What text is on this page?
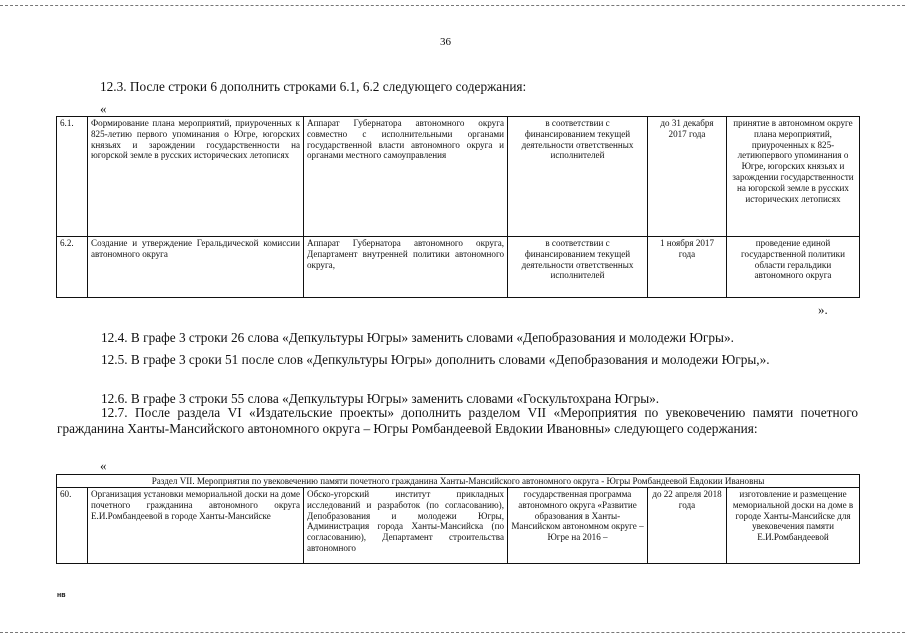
36
12.3. После строки 6 дополнить строками 6.1, 6.2 следующего содержания:
«
6.1.	Формирование плана мероприятий, приуроченных к 825-летию первого упоминания о Югре, югорских князьях и зарождении государственности на югорской земле в русских исторических летописях	Аппарат Губернатора автономного округа совместно с исполнительными органами государственной власти автономного округа и органами местного самоуправления	в соответствии с финансированием текущей деятельности ответственных исполнителей	до 31 декабря 2017 года	принятие в автономном округе плана мероприятий, приуроченных к 825-летиюпервого упоминания о Югре, югорских князьях и зарождении государственности на югорской земле в русских исторических летописях
6.2.	Создание и утверждение Геральдической комиссии автономного округа	Аппарат Губернатора автономного округа, Департамент внутренней политики автономного округа,	в соответствии с финансированием текущей деятельности ответственных исполнителей	1 ноября 2017 года	проведение единой государственной политики области геральдики автономного округа
».
12.4. В графе 3 строки 26 слова «Депкультуры Югры» заменить словами «Депобразования и молодежи Югры».
12.5. В графе 3 сроки 51 после слов «Депкультуры Югры» дополнить словами «Депобразования и молодежи Югры,».
12.6. В графе 3 строки 55 слова «Депкультуры Югры» заменить словами «Госкультохрана Югры».
12.7. После раздела VI «Издательские проекты» дополнить разделом VII «Мероприятия по увековечению памяти почетного гражданина Ханты-Мансийского автономного округа – Югры Ромбандеевой Евдокии Ивановны» следующего содержания:
«
Раздел VII. Мероприятия по увековечению памяти почетного гражданина Ханты-Мансийского автономного округа - Югры Ромбандеевой Евдокии Ивановны
60.	Организация установки мемориальной доски на доме почетного гражданина автономного округа Е.И.Ромбандеевой в городе Ханты-Мансийске	Обско-угорский институт прикладных исследований и разработок (по согласованию), Депобразования и молодежи Югры, Администрация города Ханты-Мансийска (по согласованию), Департамент строительства автономного	государственная программа автономного округа «Развитие образования в Ханты-Мансийском автономном округе – Югре на 2016 –	до 22 апреля 2018 года	изготовление и размещение мемориальной доски на доме в городе Ханты-Мансийске для увековечения памяти Е.И.Ромбандеевой
нв
